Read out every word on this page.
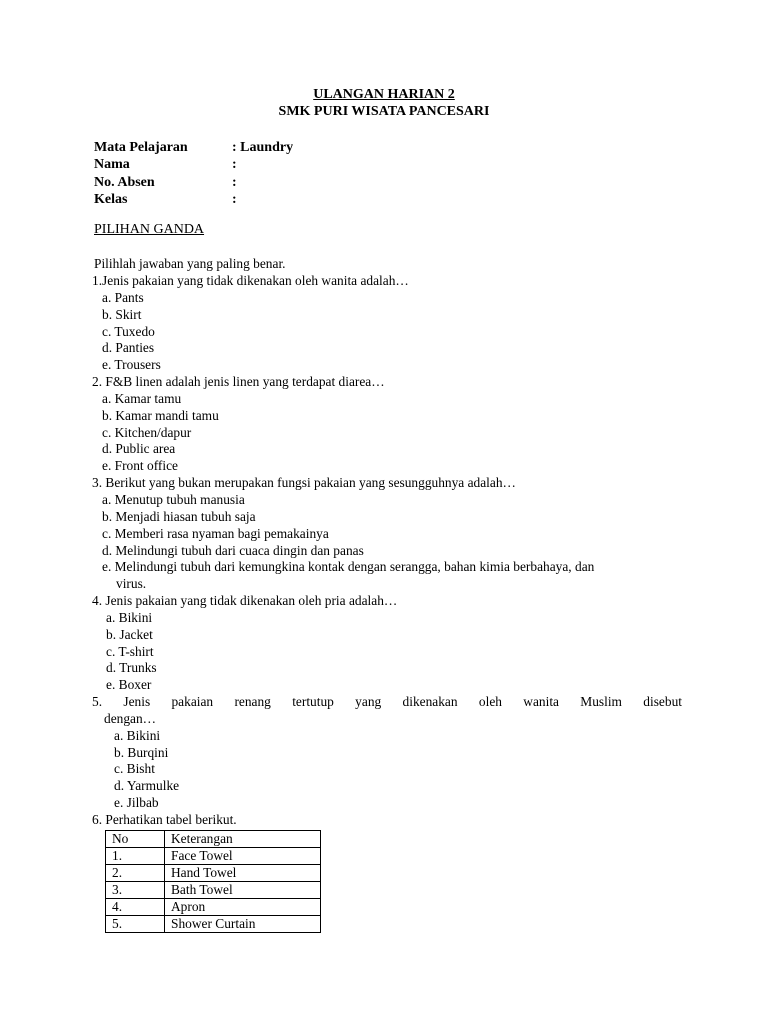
ULANGAN HARIAN 2
SMK PURI WISATA PANCESARI
Mata Pelajaran	: Laundry
Nama	:
No. Absen	:
Kelas	:
PILIHAN GANDA
Pilihlah jawaban yang paling benar.
1.Jenis pakaian yang tidak dikenakan oleh wanita adalah…
a. Pants
b. Skirt
c. Tuxedo
d. Panties
e. Trousers
2. F&B linen adalah jenis linen yang terdapat diarea…
a. Kamar tamu
b. Kamar mandi tamu
c. Kitchen/dapur
d. Public area
e. Front office
3. Berikut yang bukan merupakan fungsi pakaian yang sesungguhnya adalah…
a. Menutup tubuh manusia
b. Menjadi hiasan tubuh saja
c. Memberi rasa nyaman bagi pemakainya
d. Melindungi tubuh dari cuaca dingin dan panas
e. Melindungi tubuh dari kemungkina kontak dengan serangga, bahan kimia berbahaya, dan
virus.
4. Jenis pakaian yang tidak dikenakan oleh pria adalah…
a. Bikini
b. Jacket
c. T-shirt
d. Trunks
e. Boxer
5. Jenis pakaian renang tertutup yang dikenakan oleh wanita Muslim disebut
dengan…
a. Bikini
b. Burqini
c. Bisht
d. Yarmulke
e. Jilbab
6. Perhatikan tabel berikut.
No	Keterangan
1.	Face Towel
2.	Hand Towel
3.	Bath Towel
4.	Apron
5.	Shower Curtain
